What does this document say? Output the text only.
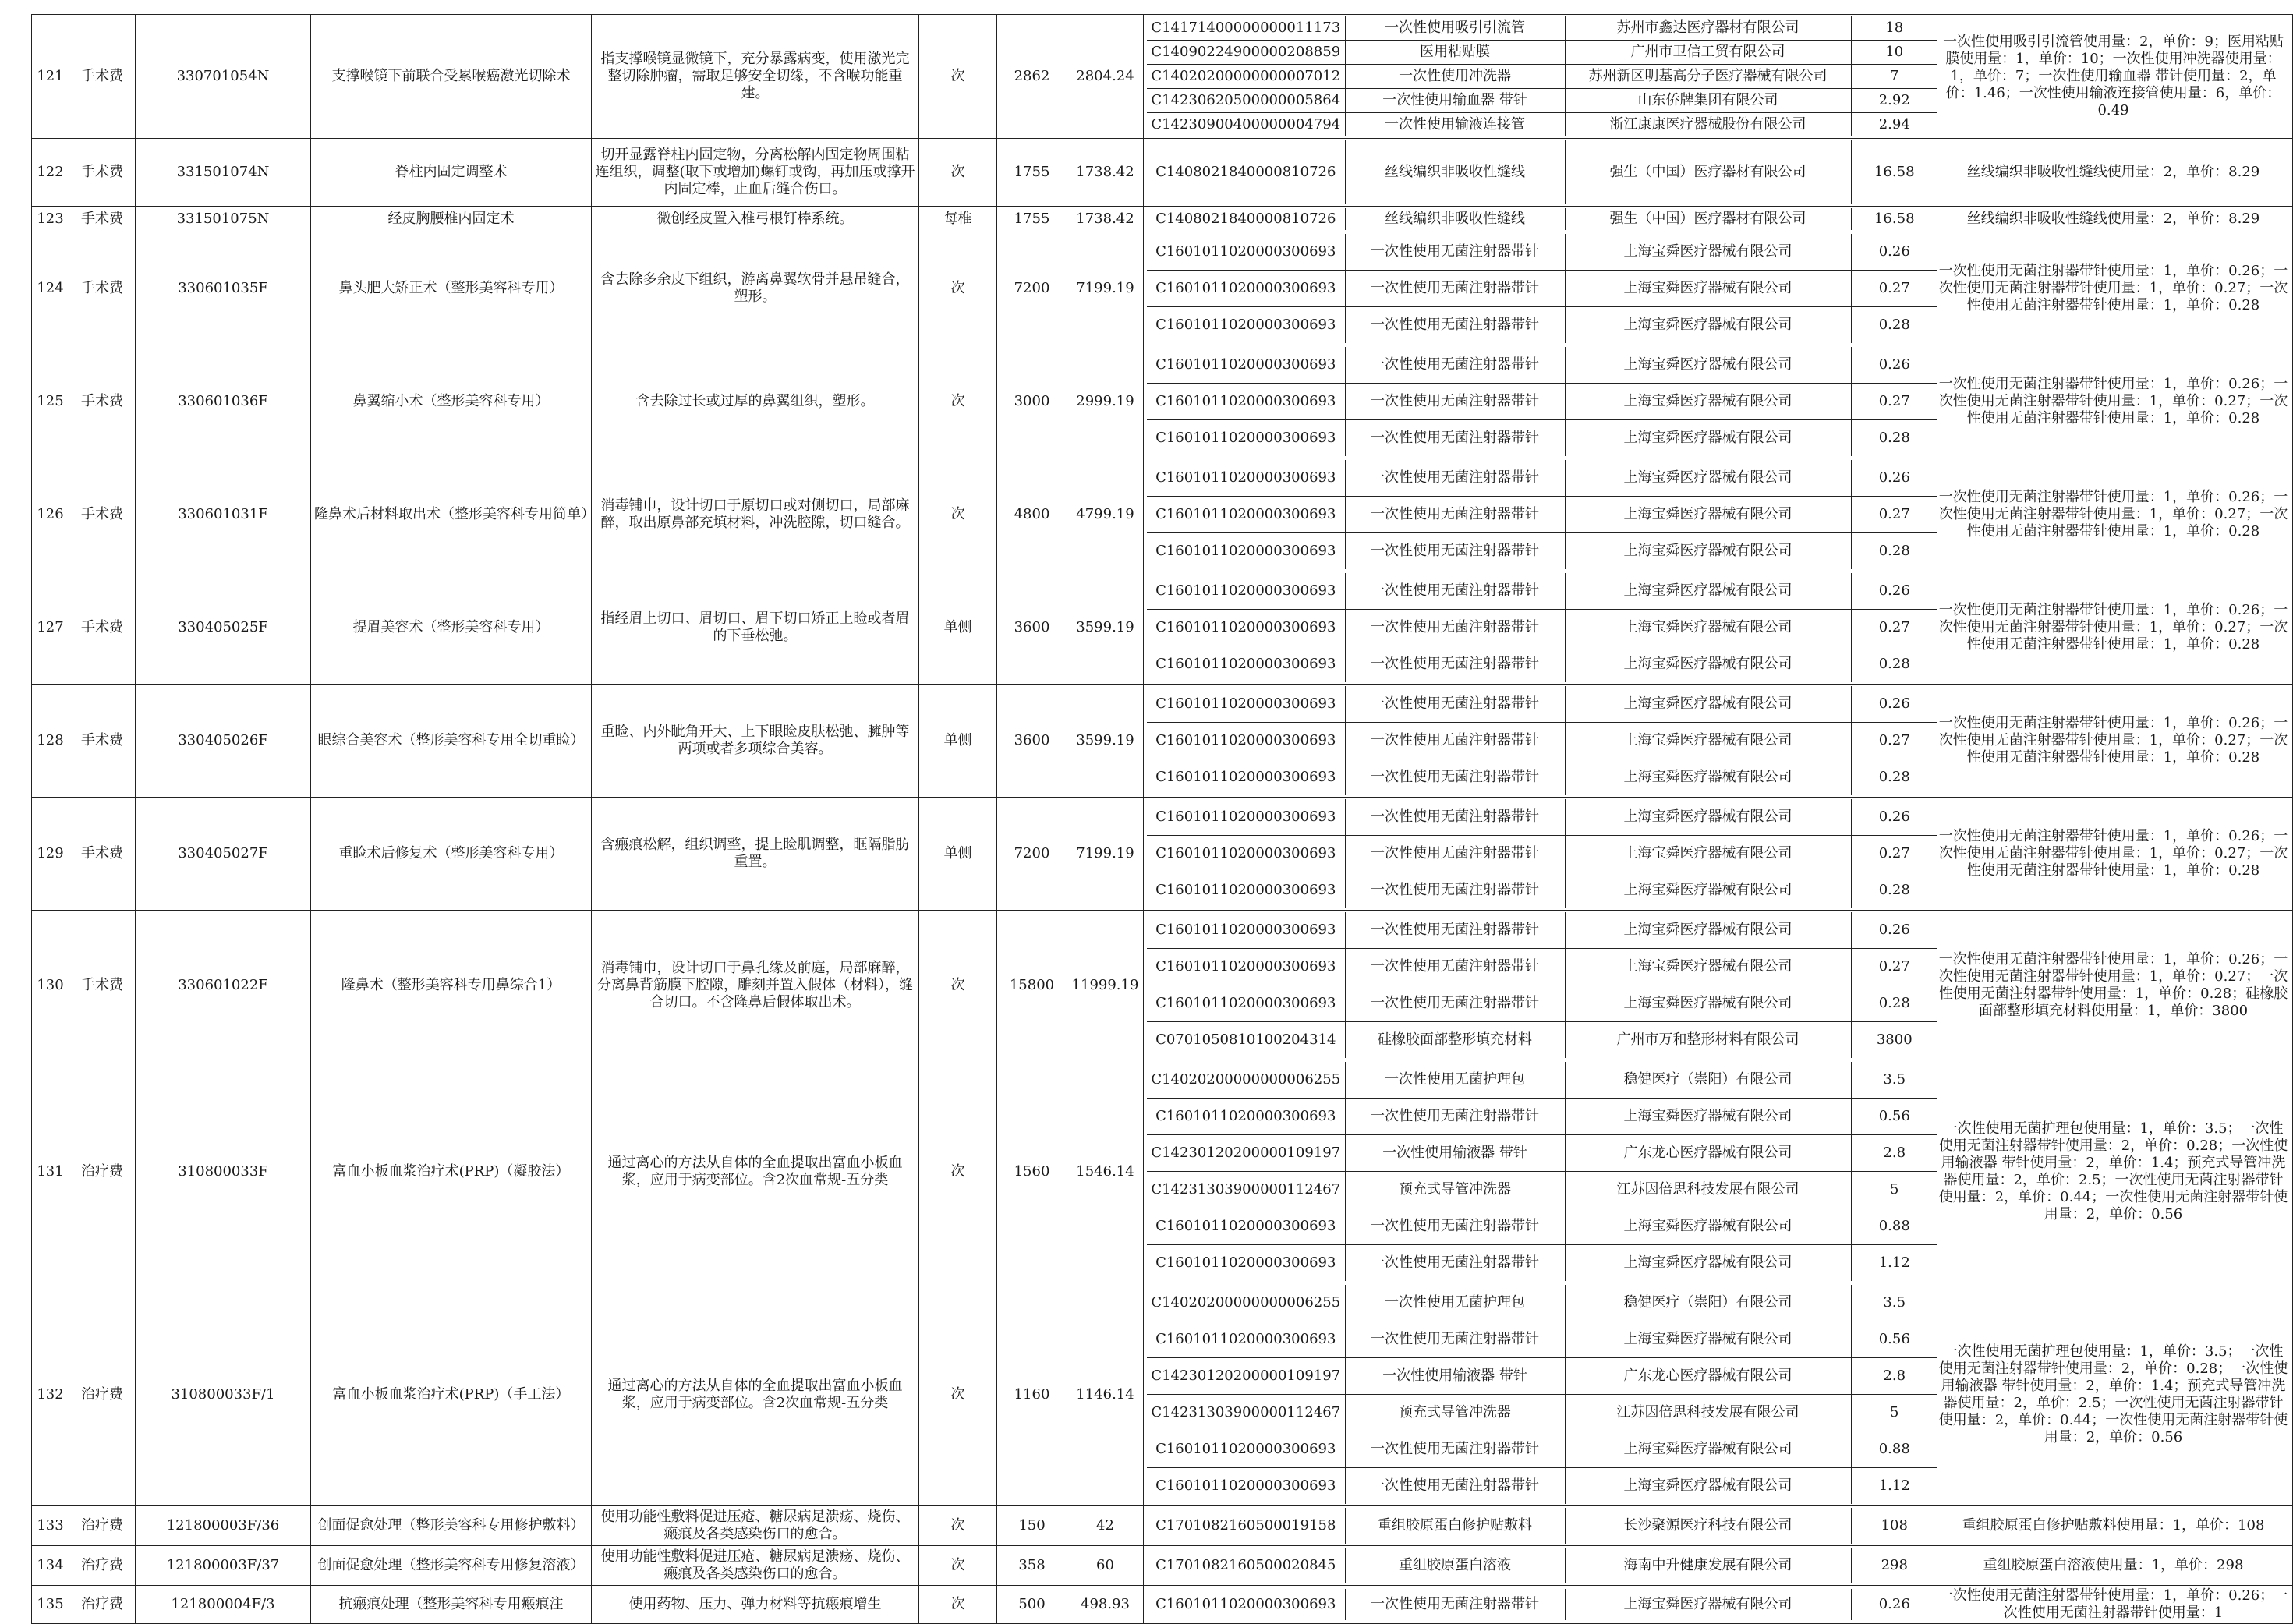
121	手术费	330701054N	支撑喉镜下前联合受累喉癌激光切除术	指支撑喉镜显微镜下，充分暴露病变，使用激光完整切除肿瘤，需取足够安全切缘，不含喉功能重建。	次	2862	2804.24	
C14171400000000011173	一次性使用吸引引流管	苏州市鑫达医疗器材有限公司	18
C14090224900000208859	医用粘贴膜	广州市卫信工贸有限公司	10
C14020200000000007012	一次性使用冲洗器	苏州新区明基高分子医疗器械有限公司	7
C14230620500000005864	一次性使用输血器 带针	山东侨牌集团有限公司	2.92
C14230900400000004794	一次性使用输液连接管	浙江康康医疗器械股份有限公司	2.94
	一次性使用吸引引流管使用量：2，单价：9；医用粘贴膜使用量：1，单价：10；一次性使用冲洗器使用量：1，单价：7；一次性使用输血器 带针使用量：2，单价：1.46；一次性使用输液连接管使用量：6，单价：0.49
122	手术费	331501074N	脊柱内固定调整术	切开显露脊柱内固定物，分离松解内固定物周围粘连组织，调整(取下或增加)螺钉或钩，再加压或撑开内固定棒，止血后缝合伤口。	次	1755	1738.42	C1408021840000810726	丝线编织非吸收性缝线	强生（中国）医疗器材有限公司	16.58
		丝线编织非吸收性缝线使用量：2，单价：8.29
123	手术费	331501075N	经皮胸腰椎内固定术	微创经皮置入椎弓根钉棒系统。	每椎	1755	1738.42	C1408021840000810726	丝线编织非吸收性缝线	强生（中国）医疗器材有限公司	16.58
		丝线编织非吸收性缝线使用量：2，单价：8.29
124	手术费	330601035F	鼻头肥大矫正术（整形美容科专用）	含去除多余皮下组织，游离鼻翼软骨并悬吊缝合，塑形。	次	7200	7199.19	
C1601011020000300693	一次性使用无菌注射器带针	上海宝舜医疗器械有限公司	0.26
C1601011020000300693	一次性使用无菌注射器带针	上海宝舜医疗器械有限公司	0.27
C1601011020000300693	一次性使用无菌注射器带针	上海宝舜医疗器械有限公司	0.28
	一次性使用无菌注射器带针使用量：1，单价：0.26；一次性使用无菌注射器带针使用量：1，单价：0.27；一次性使用无菌注射器带针使用量：1，单价：0.28
125	手术费	330601036F	鼻翼缩小术（整形美容科专用）	含去除过长或过厚的鼻翼组织，塑形。	次	3000	2999.19	
C1601011020000300693	一次性使用无菌注射器带针	上海宝舜医疗器械有限公司	0.26
C1601011020000300693	一次性使用无菌注射器带针	上海宝舜医疗器械有限公司	0.27
C1601011020000300693	一次性使用无菌注射器带针	上海宝舜医疗器械有限公司	0.28
	一次性使用无菌注射器带针使用量：1，单价：0.26；一次性使用无菌注射器带针使用量：1，单价：0.27；一次性使用无菌注射器带针使用量：1，单价：0.28
126	手术费	330601031F	隆鼻术后材料取出术（整形美容科专用简单）	消毒铺巾，设计切口于原切口或对侧切口，局部麻醉，取出原鼻部充填材料，冲洗腔隙，切口缝合。	次	4800	4799.19	
C1601011020000300693	一次性使用无菌注射器带针	上海宝舜医疗器械有限公司	0.26
C1601011020000300693	一次性使用无菌注射器带针	上海宝舜医疗器械有限公司	0.27
C1601011020000300693	一次性使用无菌注射器带针	上海宝舜医疗器械有限公司	0.28
	一次性使用无菌注射器带针使用量：1，单价：0.26；一次性使用无菌注射器带针使用量：1，单价：0.27；一次性使用无菌注射器带针使用量：1，单价：0.28
127	手术费	330405025F	提眉美容术（整形美容科专用）	指经眉上切口、眉切口、眉下切口矫正上睑或者眉的下垂松弛。	单侧	3600	3599.19	
C1601011020000300693	一次性使用无菌注射器带针	上海宝舜医疗器械有限公司	0.26
C1601011020000300693	一次性使用无菌注射器带针	上海宝舜医疗器械有限公司	0.27
C1601011020000300693	一次性使用无菌注射器带针	上海宝舜医疗器械有限公司	0.28
	一次性使用无菌注射器带针使用量：1，单价：0.26；一次性使用无菌注射器带针使用量：1，单价：0.27；一次性使用无菌注射器带针使用量：1，单价：0.28
128	手术费	330405026F	眼综合美容术（整形美容科专用全切重睑）	重睑、内外眦角开大、上下眼睑皮肤松弛、臃肿等两项或者多项综合美容。	单侧	3600	3599.19	
C1601011020000300693	一次性使用无菌注射器带针	上海宝舜医疗器械有限公司	0.26
C1601011020000300693	一次性使用无菌注射器带针	上海宝舜医疗器械有限公司	0.27
C1601011020000300693	一次性使用无菌注射器带针	上海宝舜医疗器械有限公司	0.28
	一次性使用无菌注射器带针使用量：1，单价：0.26；一次性使用无菌注射器带针使用量：1，单价：0.27；一次性使用无菌注射器带针使用量：1，单价：0.28
129	手术费	330405027F	重睑术后修复术（整形美容科专用）	含瘢痕松解，组织调整，提上睑肌调整，眶隔脂肪重置。	单侧	7200	7199.19	
C1601011020000300693	一次性使用无菌注射器带针	上海宝舜医疗器械有限公司	0.26
C1601011020000300693	一次性使用无菌注射器带针	上海宝舜医疗器械有限公司	0.27
C1601011020000300693	一次性使用无菌注射器带针	上海宝舜医疗器械有限公司	0.28
	一次性使用无菌注射器带针使用量：1，单价：0.26；一次性使用无菌注射器带针使用量：1，单价：0.27；一次性使用无菌注射器带针使用量：1，单价：0.28
130	手术费	330601022F	隆鼻术（整形美容科专用鼻综合1）	消毒铺巾，设计切口于鼻孔缘及前庭，局部麻醉，分离鼻背筋膜下腔隙，雕刻并置入假体（材料），缝合切口。不含隆鼻后假体取出术。	次	15800	11999.19	
C1601011020000300693	一次性使用无菌注射器带针	上海宝舜医疗器械有限公司	0.26
C1601011020000300693	一次性使用无菌注射器带针	上海宝舜医疗器械有限公司	0.27
C1601011020000300693	一次性使用无菌注射器带针	上海宝舜医疗器械有限公司	0.28
C0701050810100204314	硅橡胶面部整形填充材料	广州市万和整形材料有限公司	3800
	一次性使用无菌注射器带针使用量：1，单价：0.26；一次性使用无菌注射器带针使用量：1，单价：0.27；一次性使用无菌注射器带针使用量：1，单价：0.28；硅橡胶面部整形填充材料使用量：1，单价：3800
131	治疗费	310800033F	富血小板血浆治疗术(PRP)（凝胶法）	通过离心的方法从自体的全血提取出富血小板血浆，应用于病变部位。含2次血常规-五分类	次	1560	1546.14	
C14020200000000006255	一次性使用无菌护理包	稳健医疗（崇阳）有限公司	3.5
C1601011020000300693	一次性使用无菌注射器带针	上海宝舜医疗器械有限公司	0.56
C14230120200000109197	一次性使用输液器 带针	广东龙心医疗器械有限公司	2.8
C14231303900000112467	预充式导管冲洗器	江苏因倍思科技发展有限公司	5
C1601011020000300693	一次性使用无菌注射器带针	上海宝舜医疗器械有限公司	0.88
C1601011020000300693	一次性使用无菌注射器带针	上海宝舜医疗器械有限公司	1.12
	一次性使用无菌护理包使用量：1，单价：3.5；一次性使用无菌注射器带针使用量：2，单价：0.28；一次性使用输液器 带针使用量：2，单价：1.4；预充式导管冲洗器使用量：2，单价：2.5；一次性使用无菌注射器带针使用量：2，单价：0.44；一次性使用无菌注射器带针使用量：2，单价：0.56
132	治疗费	310800033F/1	富血小板血浆治疗术(PRP)（手工法）	通过离心的方法从自体的全血提取出富血小板血浆，应用于病变部位。含2次血常规-五分类	次	1160	1146.14	
C14020200000000006255	一次性使用无菌护理包	稳健医疗（崇阳）有限公司	3.5
C1601011020000300693	一次性使用无菌注射器带针	上海宝舜医疗器械有限公司	0.56
C14230120200000109197	一次性使用输液器 带针	广东龙心医疗器械有限公司	2.8
C14231303900000112467	预充式导管冲洗器	江苏因倍思科技发展有限公司	5
C1601011020000300693	一次性使用无菌注射器带针	上海宝舜医疗器械有限公司	0.88
C1601011020000300693	一次性使用无菌注射器带针	上海宝舜医疗器械有限公司	1.12
	一次性使用无菌护理包使用量：1，单价：3.5；一次性使用无菌注射器带针使用量：2，单价：0.28；一次性使用输液器 带针使用量：2，单价：1.4；预充式导管冲洗器使用量：2，单价：2.5；一次性使用无菌注射器带针使用量：2，单价：0.44；一次性使用无菌注射器带针使用量：2，单价：0.56
133	治疗费	121800003F/36	创面促愈处理（整形美容科专用修护敷料）	使用功能性敷料促进压疮、糖尿病足溃疡、烧伤、瘢痕及各类感染伤口的愈合。	次	150	42		C1701082160500019158	重组胶原蛋白修护贴敷料	长沙聚源医疗科技有限公司	108
		重组胶原蛋白修护贴敷料使用量：1，单价：108
134	治疗费	121800003F/37	创面促愈处理（整形美容科专用修复溶液）	使用功能性敷料促进压疮、糖尿病足溃疡、烧伤、瘢痕及各类感染伤口的愈合。	次	358	60		C1701082160500020845	重组胶原蛋白溶液	海南中升健康发展有限公司	298
		重组胶原蛋白溶液使用量：1，单价：298
135	治疗费	121800004F/3	抗瘢痕处理（整形美容科专用瘢痕注	使用药物、压力、弹力材料等抗瘢痕增生	次	500	498.93	C1601011020000300693	一次性使用无菌注射器带针	上海宝舜医疗器械有限公司	0.26
	一次性使用无菌注射器带针使用量：1，单价：0.26；一次性使用无菌注射器带针使用量：1
